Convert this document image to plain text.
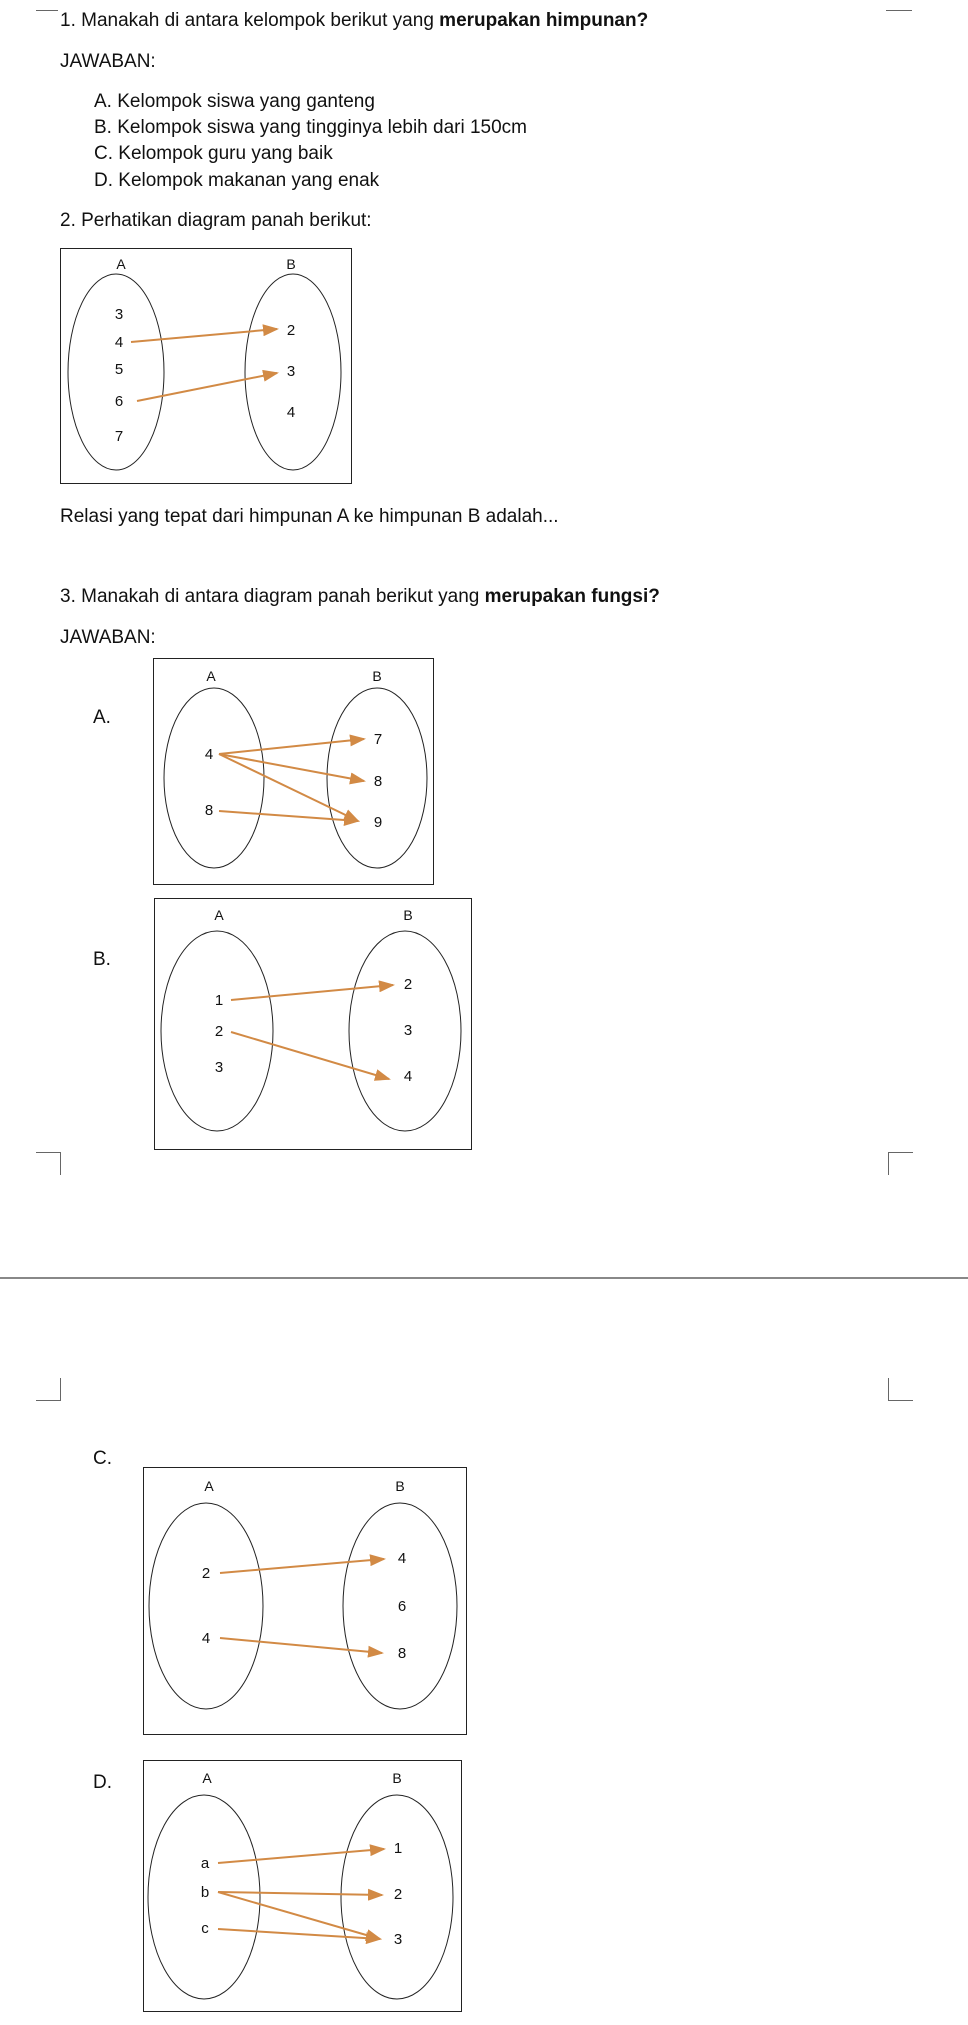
1. Manakah di antara kelompok berikut yang merupakan himpunan?
JAWABAN:
A. Kelompok siswa yang ganteng
B. Kelompok siswa yang tingginya lebih dari 150cm
C. Kelompok guru yang baik
D. Kelompok makanan yang enak
2. Perhatikan diagram panah berikut:
A	B
3
4
5
6
7
2
3
4
Relasi yang tepat dari himpunan A ke himpunan B adalah...
3. Manakah di antara diagram panah berikut yang merupakan fungsi?
JAWABAN:
A.
A	B
4
8
7
8
9
B.
A	B
1
2
3
2
3
4
C.
A	B
2
4
4
6
8
D.	A	B
a
b
c
1
2
3
